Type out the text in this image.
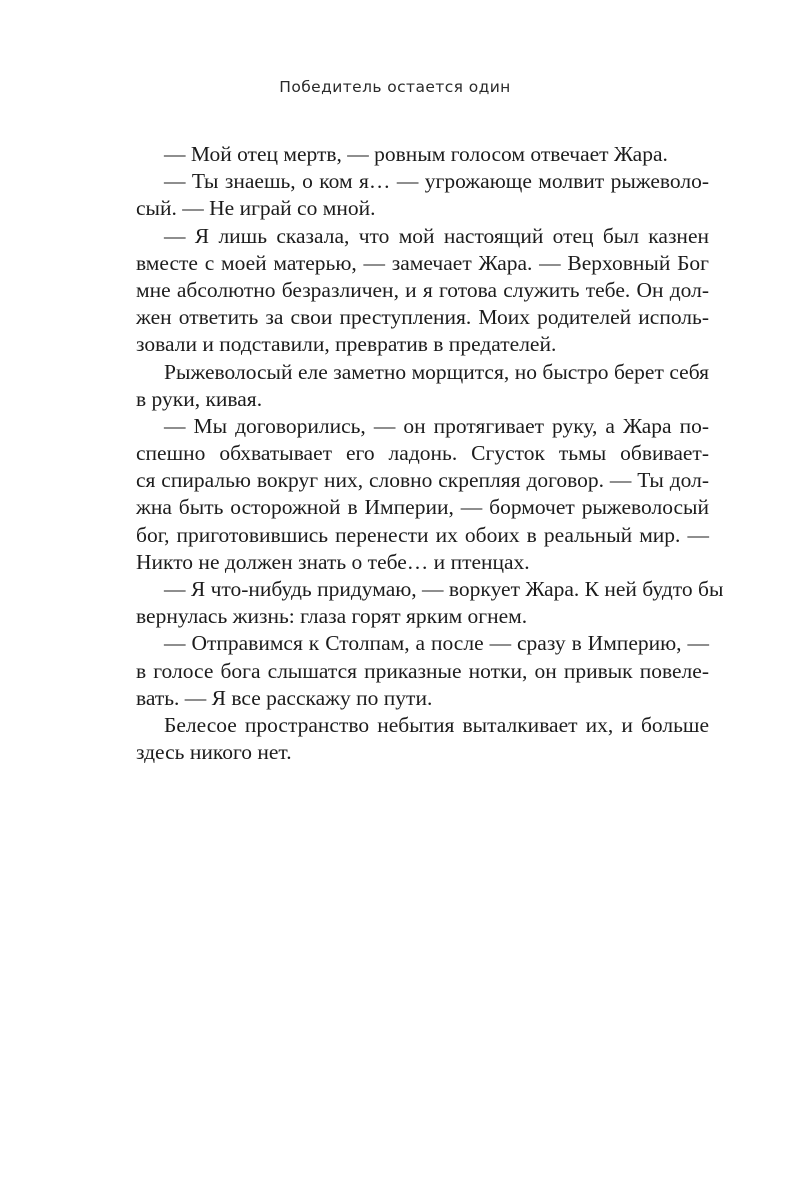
Победитель остается один
— Мой отец мертв, — ровным голосом отвечает Жара.
— Ты знаешь, о ком я… — угрожающе молвит рыжеволо-
сый. — Не играй со мной.
— Я лишь сказала, что мой настоящий отец был казнен
вместе с моей матерью, — замечает Жара. — Верховный Бог
мне абсолютно безразличен, и я готова служить тебе. Он дол-
жен ответить за свои преступления. Моих родителей исполь-
зовали и подставили, превратив в предателей.
Рыжеволосый еле заметно морщится, но быстро берет себя
в руки, кивая.
— Мы договорились, — он протягивает руку, а Жара по-
спешно обхватывает его ладонь. Сгусток тьмы обвивает-
ся спиралью вокруг них, словно скрепляя договор. — Ты дол-
жна быть осторожной в Империи, — бормочет рыжеволосый
бог, приготовившись перенести их обоих в реальный мир. —
Никто не должен знать о тебе… и птенцах.
— Я что-нибудь придумаю, — воркует Жара. К ней будто бы
вернулась жизнь: глаза горят ярким огнем.
— Отправимся к Столпам, а после — сразу в Империю, —
в голосе бога слышатся приказные нотки, он привык повеле-
вать. — Я все расскажу по пути.
Белесое пространство небытия выталкивает их, и больше
здесь никого нет.
